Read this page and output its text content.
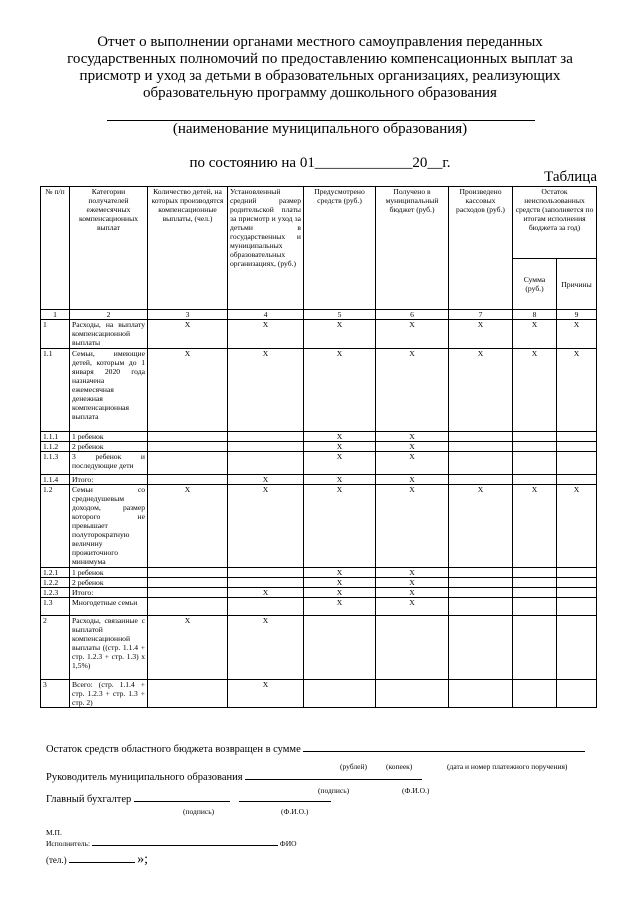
Отчет о выполнении органами местного самоуправления переданных
государственных полномочий по предоставлению компенсационных выплат за
присмотр и уход за детьми в образовательных организациях, реализующих
образовательную программу дошкольного образования
(наименование муниципального образования)
по состоянию на 01_____________20__г.
Таблица
№ п/п	Категории получателей ежемесячных компенсационных выплат	Количество детей, на которых производятся компенсационные выплаты, (чел.)	Установленный средний размер родительской платы за присмотр и уход за детьми в государственных и муниципальных образовательных организациях, (руб.)	Предусмотрено средств (руб.)	Получено в муниципальный бюджет (руб.)	Произведено кассовых расходов (руб.)	Остаток неиспользованных средств (заполняется по итогам исполнения бюджета за год)	
							Сумма (руб.)	Причины
1	2	3	4	5	6	7	8	9
1	Расходы, на выплату компенсационной выплаты	X	X	X	X	X	X	X
1.1	Семьи, имеющие детей, которым до 1 января 2020 года назначена ежемесячная денежная компенсационная выплата	X	X	X	X	X	X	X
1.1.1	1 ребенок			X	X			
1.1.2	2 ребенок			X	X			
1.1.3	3 ребенок и последующие дети			X	X			
1.1.4	Итого:		X	X	X			
1.2	Семьи со среднедушевым доходом, размер которого не превышает полуторократную величину прожиточного минимума	X	X	X	X	X	X	X
1.2.1	1 ребенок			X	X			
1.2.2	2 ребенок			X	X			
1.2.3	Итого:		X	X	X			
1.3	Многодетные семьи			X	X			
2	Расходы, связанные с выплатой компенсационной выплаты ((стр. 1.1.4 + стр. 1.2.3 + стр. 1.3) х 1,5%)	X	X					
3	Всего: (стр. 1.1.4 + стр. 1.2.3 + стр. 1.3 + стр. 2)		X					
Остаток средств областного бюджета возвращен в сумме
(рублей)	(копеек)	(дата и номер платежного поручения)
Руководитель муниципального образования
(подпись)	(Ф.И.О.)
Главный бухгалтер
(подпись)	(Ф.И.О.)
М.П.
Исполнитель:	ФИО
(тел.)	»;
